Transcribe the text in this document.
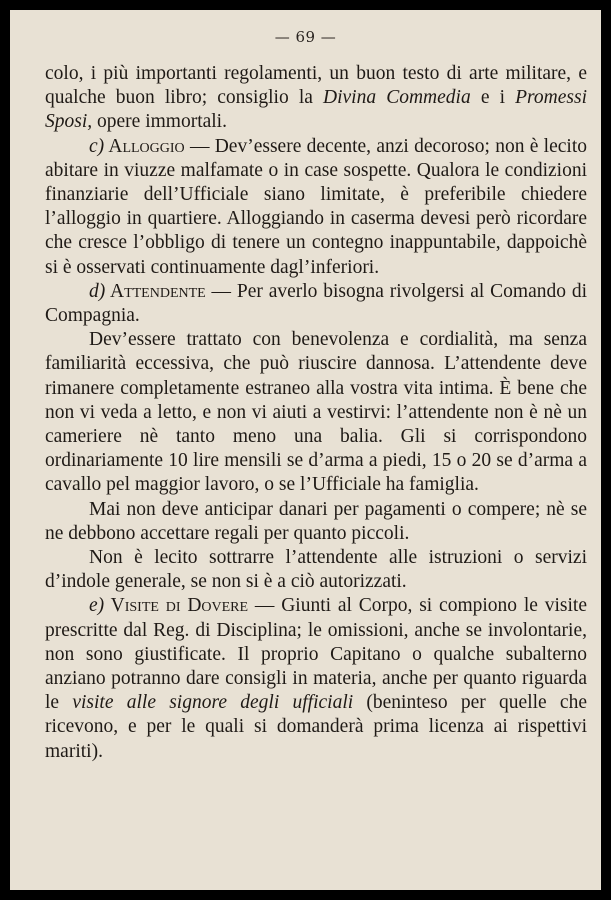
— 69 —

colo, i più importanti regolamenti, un buon testo di arte militare, e qualche buon libro; consiglio la Divina Commedia e i Promessi Sposi, opere immortali.

c) Alloggio — Dev’essere decente, anzi decoroso; non è lecito abitare in viuzze malfamate o in case sospette. Qualora le condizioni finanziarie dell’Ufficiale siano limitate, è preferibile chiedere l’alloggio in quartiere. Alloggiando in caserma devesi però ricordare che cresce l’obbligo di tenere un contegno inappuntabile, dappoichè si è osservati continuamente dagl’inferiori.

d) Attendente — Per averlo bisogna rivolgersi al Comando di Compagnia.

Dev’essere trattato con benevolenza e cordialità, ma senza familiarità eccessiva, che può riuscire dannosa. L’attendente deve rimanere completamente estraneo alla vostra vita intima. È bene che non vi veda a letto, e non vi aiuti a vestirvi: l’attendente non è nè un cameriere nè tanto meno una balia. Gli si corrispondono ordinariamente 10 lire mensili se d’arma a piedi, 15 o 20 se d’arma a cavallo pel maggior lavoro, o se l’Ufficiale ha famiglia.

Mai non deve anticipar danari per pagamenti o compere; nè se ne debbono accettare regali per quanto piccoli.

Non è lecito sottrarre l’attendente alle istruzioni o servizi d’indole generale, se non si è a ciò autorizzati.

e) Visite di Dovere — Giunti al Corpo, si compiono le visite prescritte dal Reg. di Disciplina; le omissioni, anche se involontarie, non sono giustificate. Il proprio Capitano o qualche subalterno anziano potranno dare consigli in materia, anche per quanto riguarda le visite alle signore degli ufficiali (beninteso per quelle che ricevono, e per le quali si domanderà prima licenza ai rispettivi mariti).
